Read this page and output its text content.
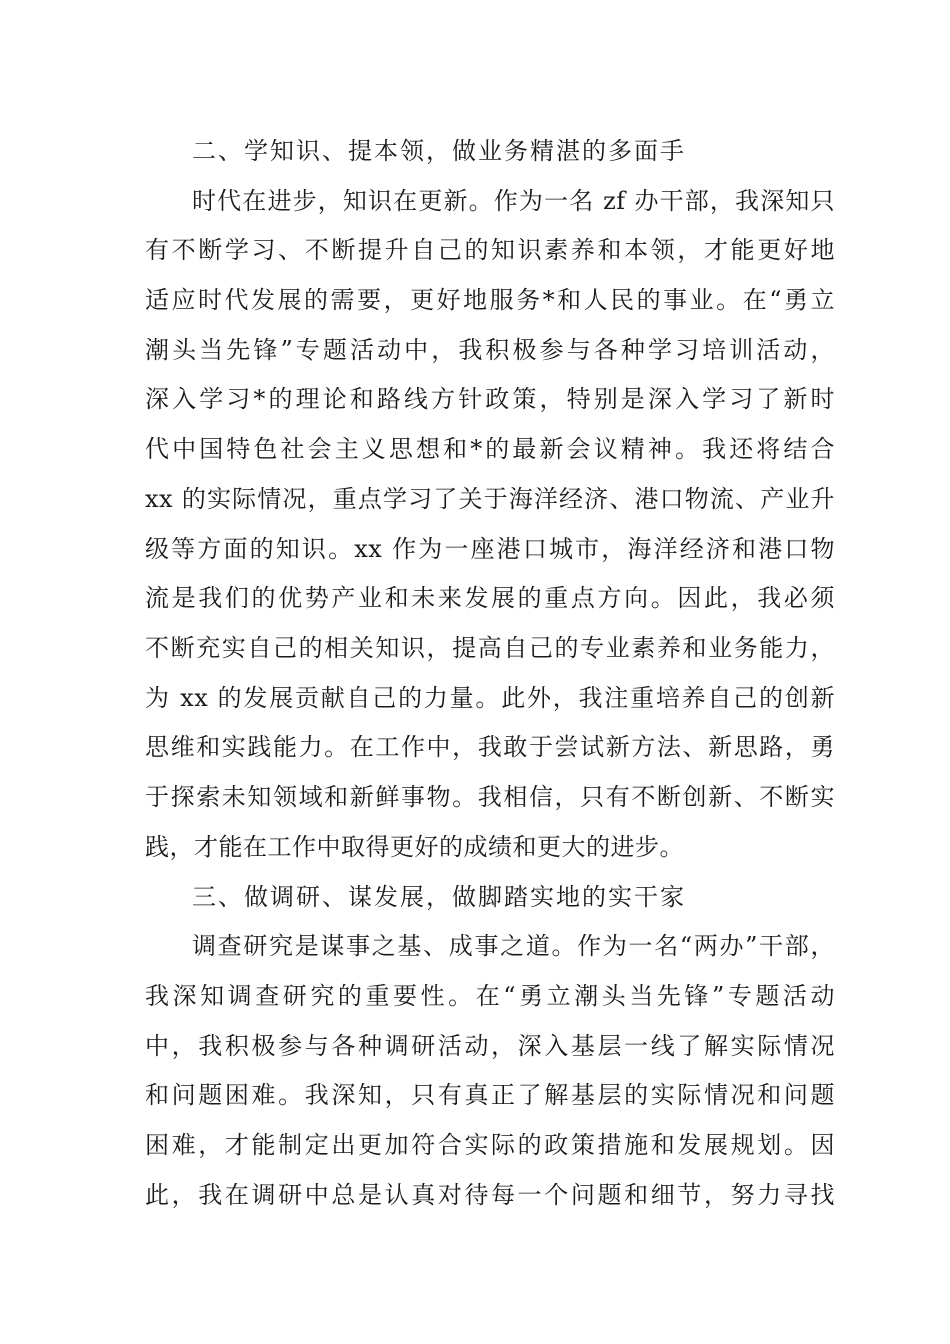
二、学知识、提本领，做业务精湛的多面手
时代在进步，知识在更新。作为一名 zf 办干部，我深知只
有不断学习、不断提升自己的知识素养和本领，才能更好地
适应时代发展的需要，更好地服务*和人民的事业。在“勇立
潮头当先锋”专题活动中，我积极参与各种学习培训活动，
深入学习*的理论和路线方针政策，特别是深入学习了新时
代中国特色社会主义思想和*的最新会议精神。我还将结合
xx 的实际情况，重点学习了关于海洋经济、港口物流、产业升
级等方面的知识。xx 作为一座港口城市，海洋经济和港口物
流是我们的优势产业和未来发展的重点方向。因此，我必须
不断充实自己的相关知识，提高自己的专业素养和业务能力，
为 xx 的发展贡献自己的力量。此外，我注重培养自己的创新
思维和实践能力。在工作中，我敢于尝试新方法、新思路，勇
于探索未知领域和新鲜事物。我相信，只有不断创新、不断实
践，才能在工作中取得更好的成绩和更大的进步。
三、做调研、谋发展，做脚踏实地的实干家
调查研究是谋事之基、成事之道。作为一名“两办”干部，
我深知调查研究的重要性。在“勇立潮头当先锋”专题活动
中，我积极参与各种调研活动，深入基层一线了解实际情况
和问题困难。我深知，只有真正了解基层的实际情况和问题
困难，才能制定出更加符合实际的政策措施和发展规划。因
此，我在调研中总是认真对待每一个问题和细节，努力寻找
